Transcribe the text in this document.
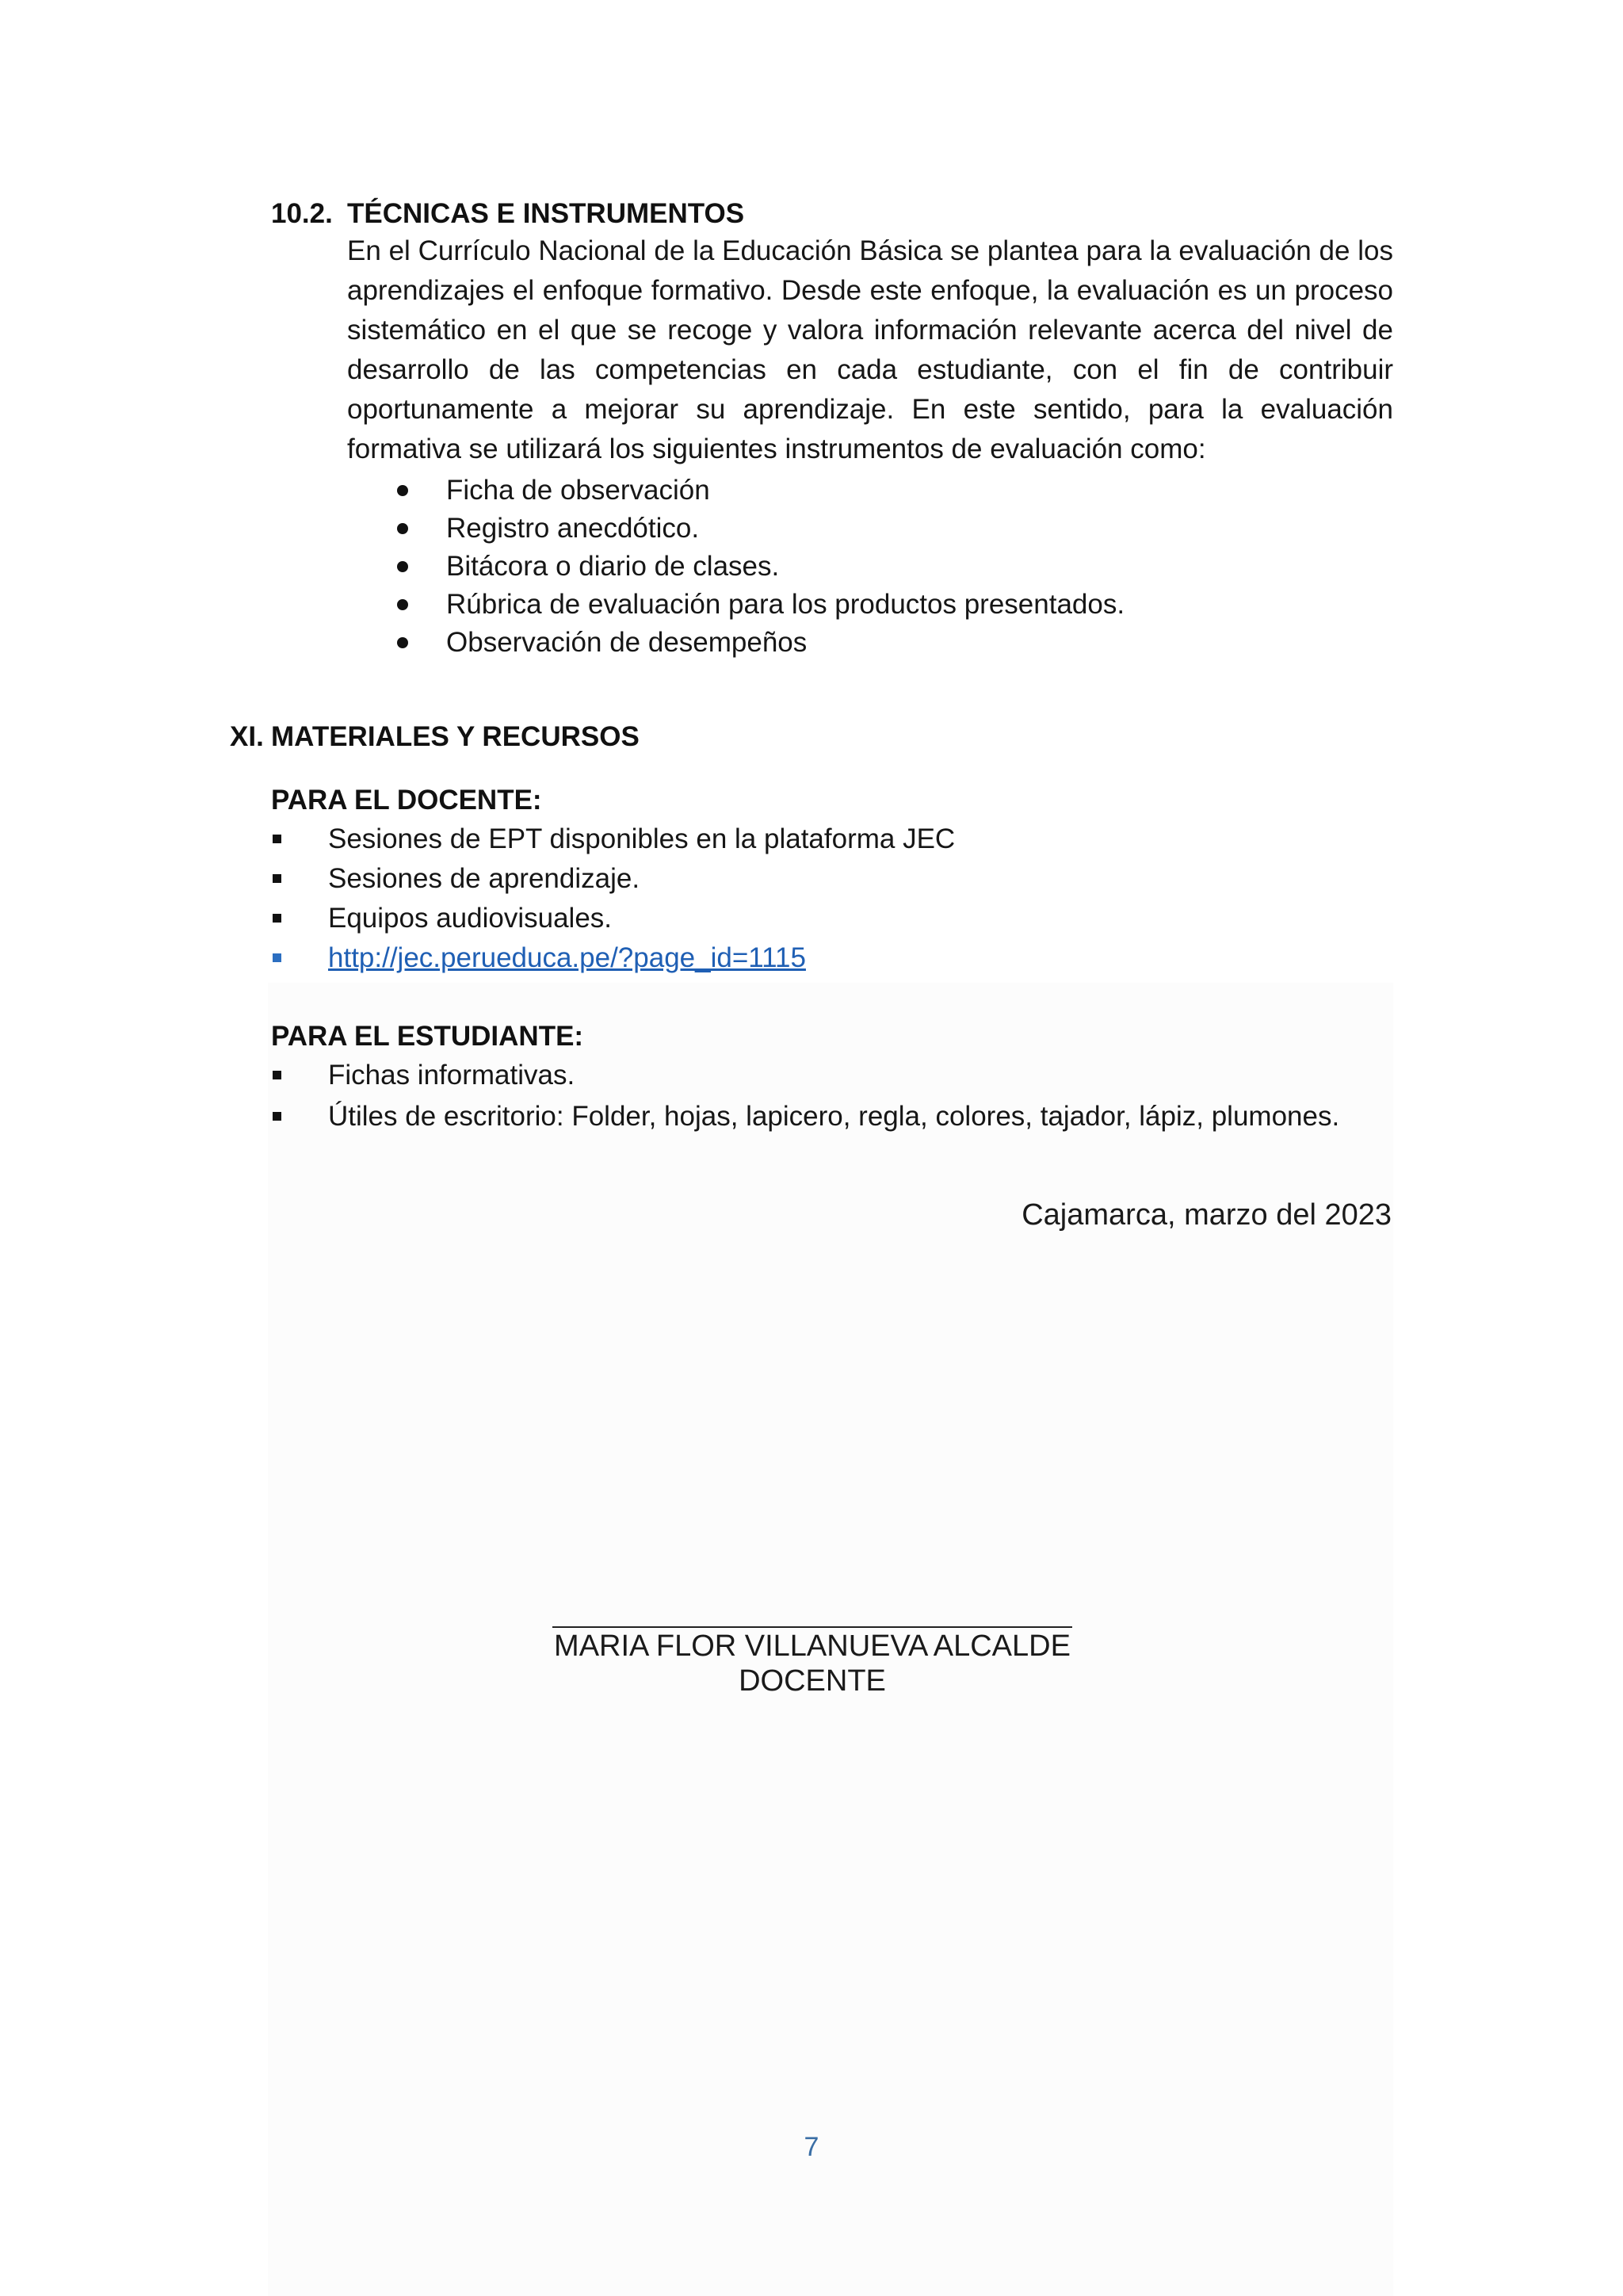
10.2. TÉCNICAS E INSTRUMENTOS
En el Currículo Nacional de la Educación Básica se plantea para la evaluación de los aprendizajes el enfoque formativo. Desde este enfoque, la evaluación es un proceso sistemático en el que se recoge y valora información relevante acerca del nivel de desarrollo de las competencias en cada estudiante, con el fin de contribuir oportunamente a mejorar su aprendizaje. En este sentido, para la evaluación formativa se utilizará los siguientes instrumentos de evaluación como:
Ficha de observación
Registro anecdótico.
Bitácora o diario de clases.
Rúbrica de evaluación para los productos presentados.
Observación de desempeños
XI. MATERIALES Y RECURSOS
PARA EL DOCENTE:
Sesiones de EPT disponibles en la plataforma JEC
Sesiones de aprendizaje.
Equipos audiovisuales.
http://jec.perueduca.pe/?page_id=1115
PARA EL ESTUDIANTE:
Fichas informativas.
Útiles de escritorio: Folder, hojas, lapicero, regla, colores, tajador, lápiz, plumones.
Cajamarca, marzo del 2023
MARIA FLOR VILLANUEVA ALCALDE
DOCENTE
7
